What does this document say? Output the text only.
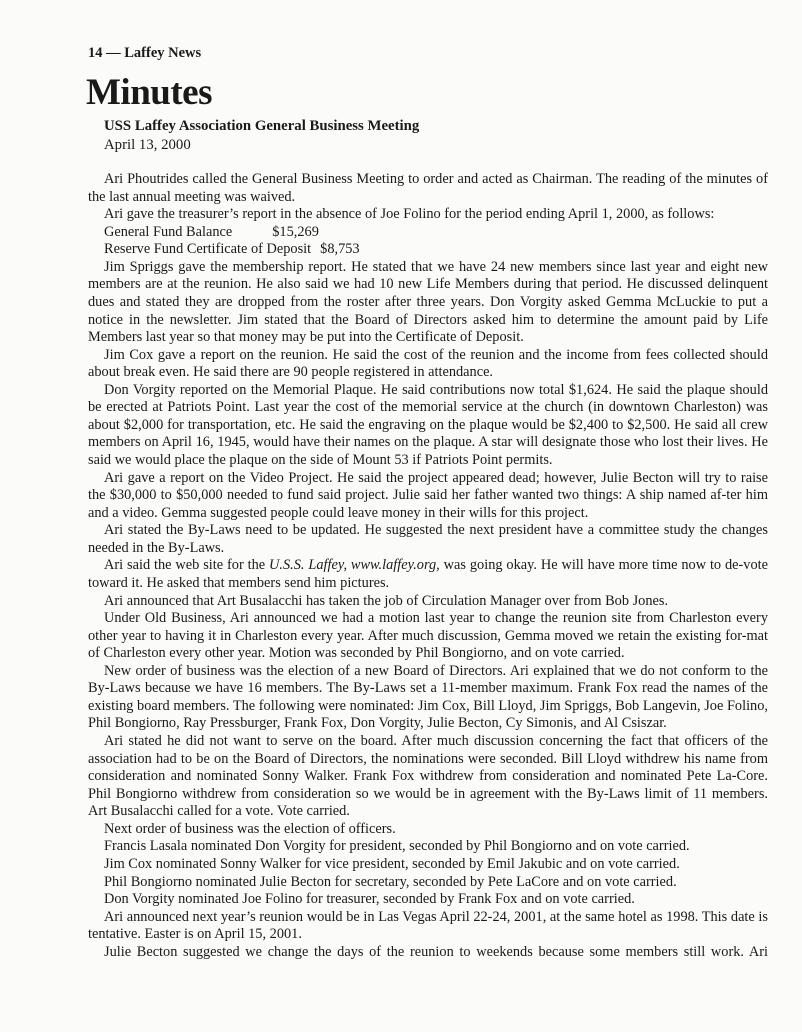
14 — Laffey News
Minutes
USS Laffey Association General Business Meeting
April 13, 2000

Ari Phoutrides called the General Business Meeting to order and acted as Chairman. The reading of the minutes of the last annual meeting was waived.

Ari gave the treasurer’s report in the absence of Joe Folino for the period ending April 1, 2000, as follows:

General Fund Balance	$15,269

Reserve Fund Certificate of Deposit $8,753

Jim Spriggs gave the membership report. He stated that we have 24 new members since last year and eight new members are at the reunion. He also said we had 10 new Life Members during that period. He discussed delinquent dues and stated they are dropped from the roster after three years. Don Vorgity asked Gemma McLuckie to put a notice in the newsletter. Jim stated that the Board of Directors asked him to determine the amount paid by Life Members last year so that money may be put into the Certificate of Deposit.

Jim Cox gave a report on the reunion. He said the cost of the reunion and the income from fees collected should about break even. He said there are 90 people registered in attendance.

Don Vorgity reported on the Memorial Plaque. He said contributions now total $1,624. He said the plaque should be erected at Patriots Point. Last year the cost of the memorial service at the church (in downtown Charleston) was about $2,000 for transportation, etc. He said the engraving on the plaque would be $2,400 to $2,500. He said all crew members on April 16, 1945, would have their names on the plaque. A star will designate those who lost their lives. He said we would place the plaque on the side of Mount 53 if Patriots Point permits.

Ari gave a report on the Video Project. He said the project appeared dead; however, Julie Becton will try to raise the $30,000 to $50,000 needed to fund said project. Julie said her father wanted two things: A ship named af-ter him and a video. Gemma suggested people could leave money in their wills for this project.

Ari stated the By-Laws need to be updated. He suggested the next president have a committee study the changes needed in the By-Laws.

Ari said the web site for the U.S.S. Laffey, www.laffey.org, was going okay. He will have more time now to de-vote toward it. He asked that members send him pictures.

Ari announced that Art Busalacchi has taken the job of Circulation Manager over from Bob Jones.

Under Old Business, Ari announced we had a motion last year to change the reunion site from Charleston every other year to having it in Charleston every year. After much discussion, Gemma moved we retain the existing for-mat of Charleston every other year. Motion was seconded by Phil Bongiorno, and on vote carried.

New order of business was the election of a new Board of Directors. Ari explained that we do not conform to the By-Laws because we have 16 members. The By-Laws set a 11-member maximum. Frank Fox read the names of the existing board members. The following were nominated: Jim Cox, Bill Lloyd, Jim Spriggs, Bob Langevin, Joe Folino, Phil Bongiorno, Ray Pressburger, Frank Fox, Don Vorgity, Julie Becton, Cy Simonis, and Al Csiszar.

Ari stated he did not want to serve on the board. After much discussion concerning the fact that officers of the association had to be on the Board of Directors, the nominations were seconded. Bill Lloyd withdrew his name from consideration and nominated Sonny Walker. Frank Fox withdrew from consideration and nominated Pete La-Core. Phil Bongiorno withdrew from consideration so we would be in agreement with the By-Laws limit of 11 members. Art Busalacchi called for a vote. Vote carried.

Next order of business was the election of officers.

Francis Lasala nominated Don Vorgity for president, seconded by Phil Bongiorno and on vote carried.

Jim Cox nominated Sonny Walker for vice president, seconded by Emil Jakubic and on vote carried.

Phil Bongiorno nominated Julie Becton for secretary, seconded by Pete LaCore and on vote carried.

Don Vorgity nominated Joe Folino for treasurer, seconded by Frank Fox and on vote carried.

Ari announced next year’s reunion would be in Las Vegas April 22-24, 2001, at the same hotel as 1998. This date is tentative. Easter is on April 15, 2001.

Julie Becton suggested we change the days of the reunion to weekends because some members still work. Ari
